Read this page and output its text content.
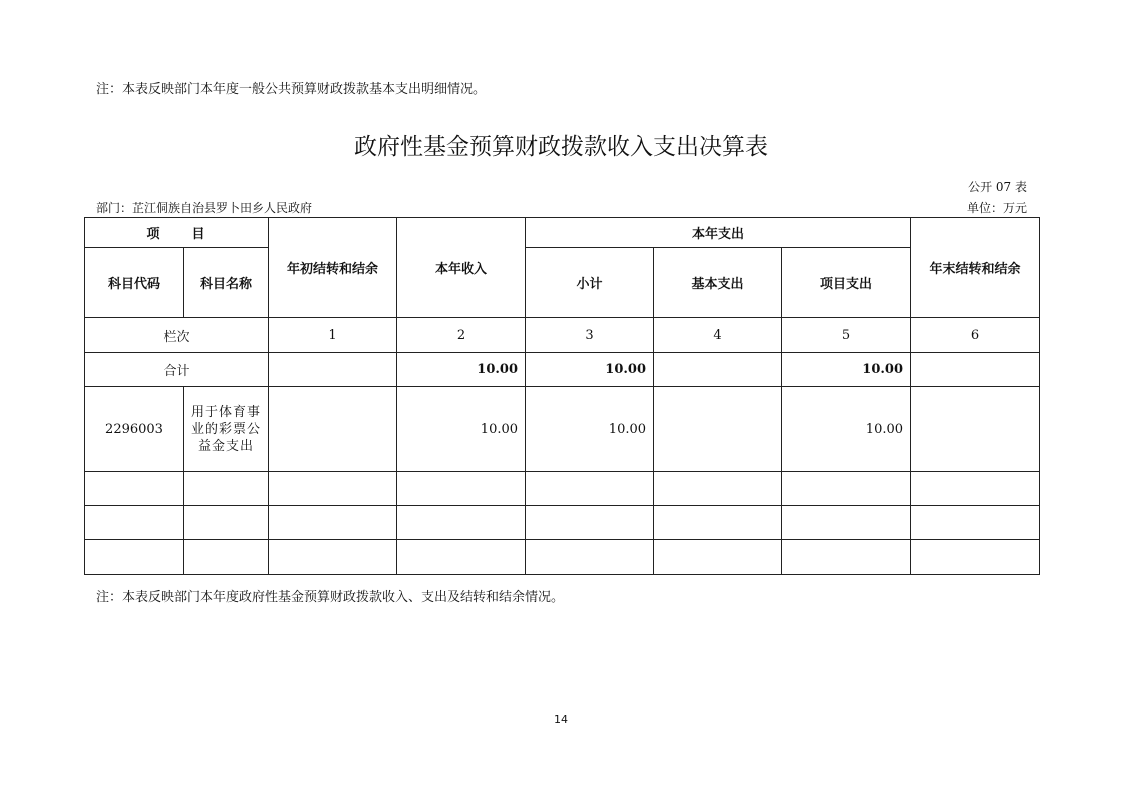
注：本表反映部门本年度一般公共预算财政拨款基本支出明细情况。
政府性基金预算财政拨款收入支出决算表
公开 07 表
部门：芷江侗族自治县罗卜田乡人民政府	单位：万元
项　　目		年初结转和结余	本年收入	本年支出			年末结转和结余
科目代码	科目名称			小计	基本支出	项目支出	
栏次		1	2	3	4	5	6
合计			10.00	10.00		10.00	
2296003	用于体育事业的彩票公益金支出		10.00	10.00		10.00	

注：本表反映部门本年度政府性基金预算财政拨款收入、支出及结转和结余情况。
14
